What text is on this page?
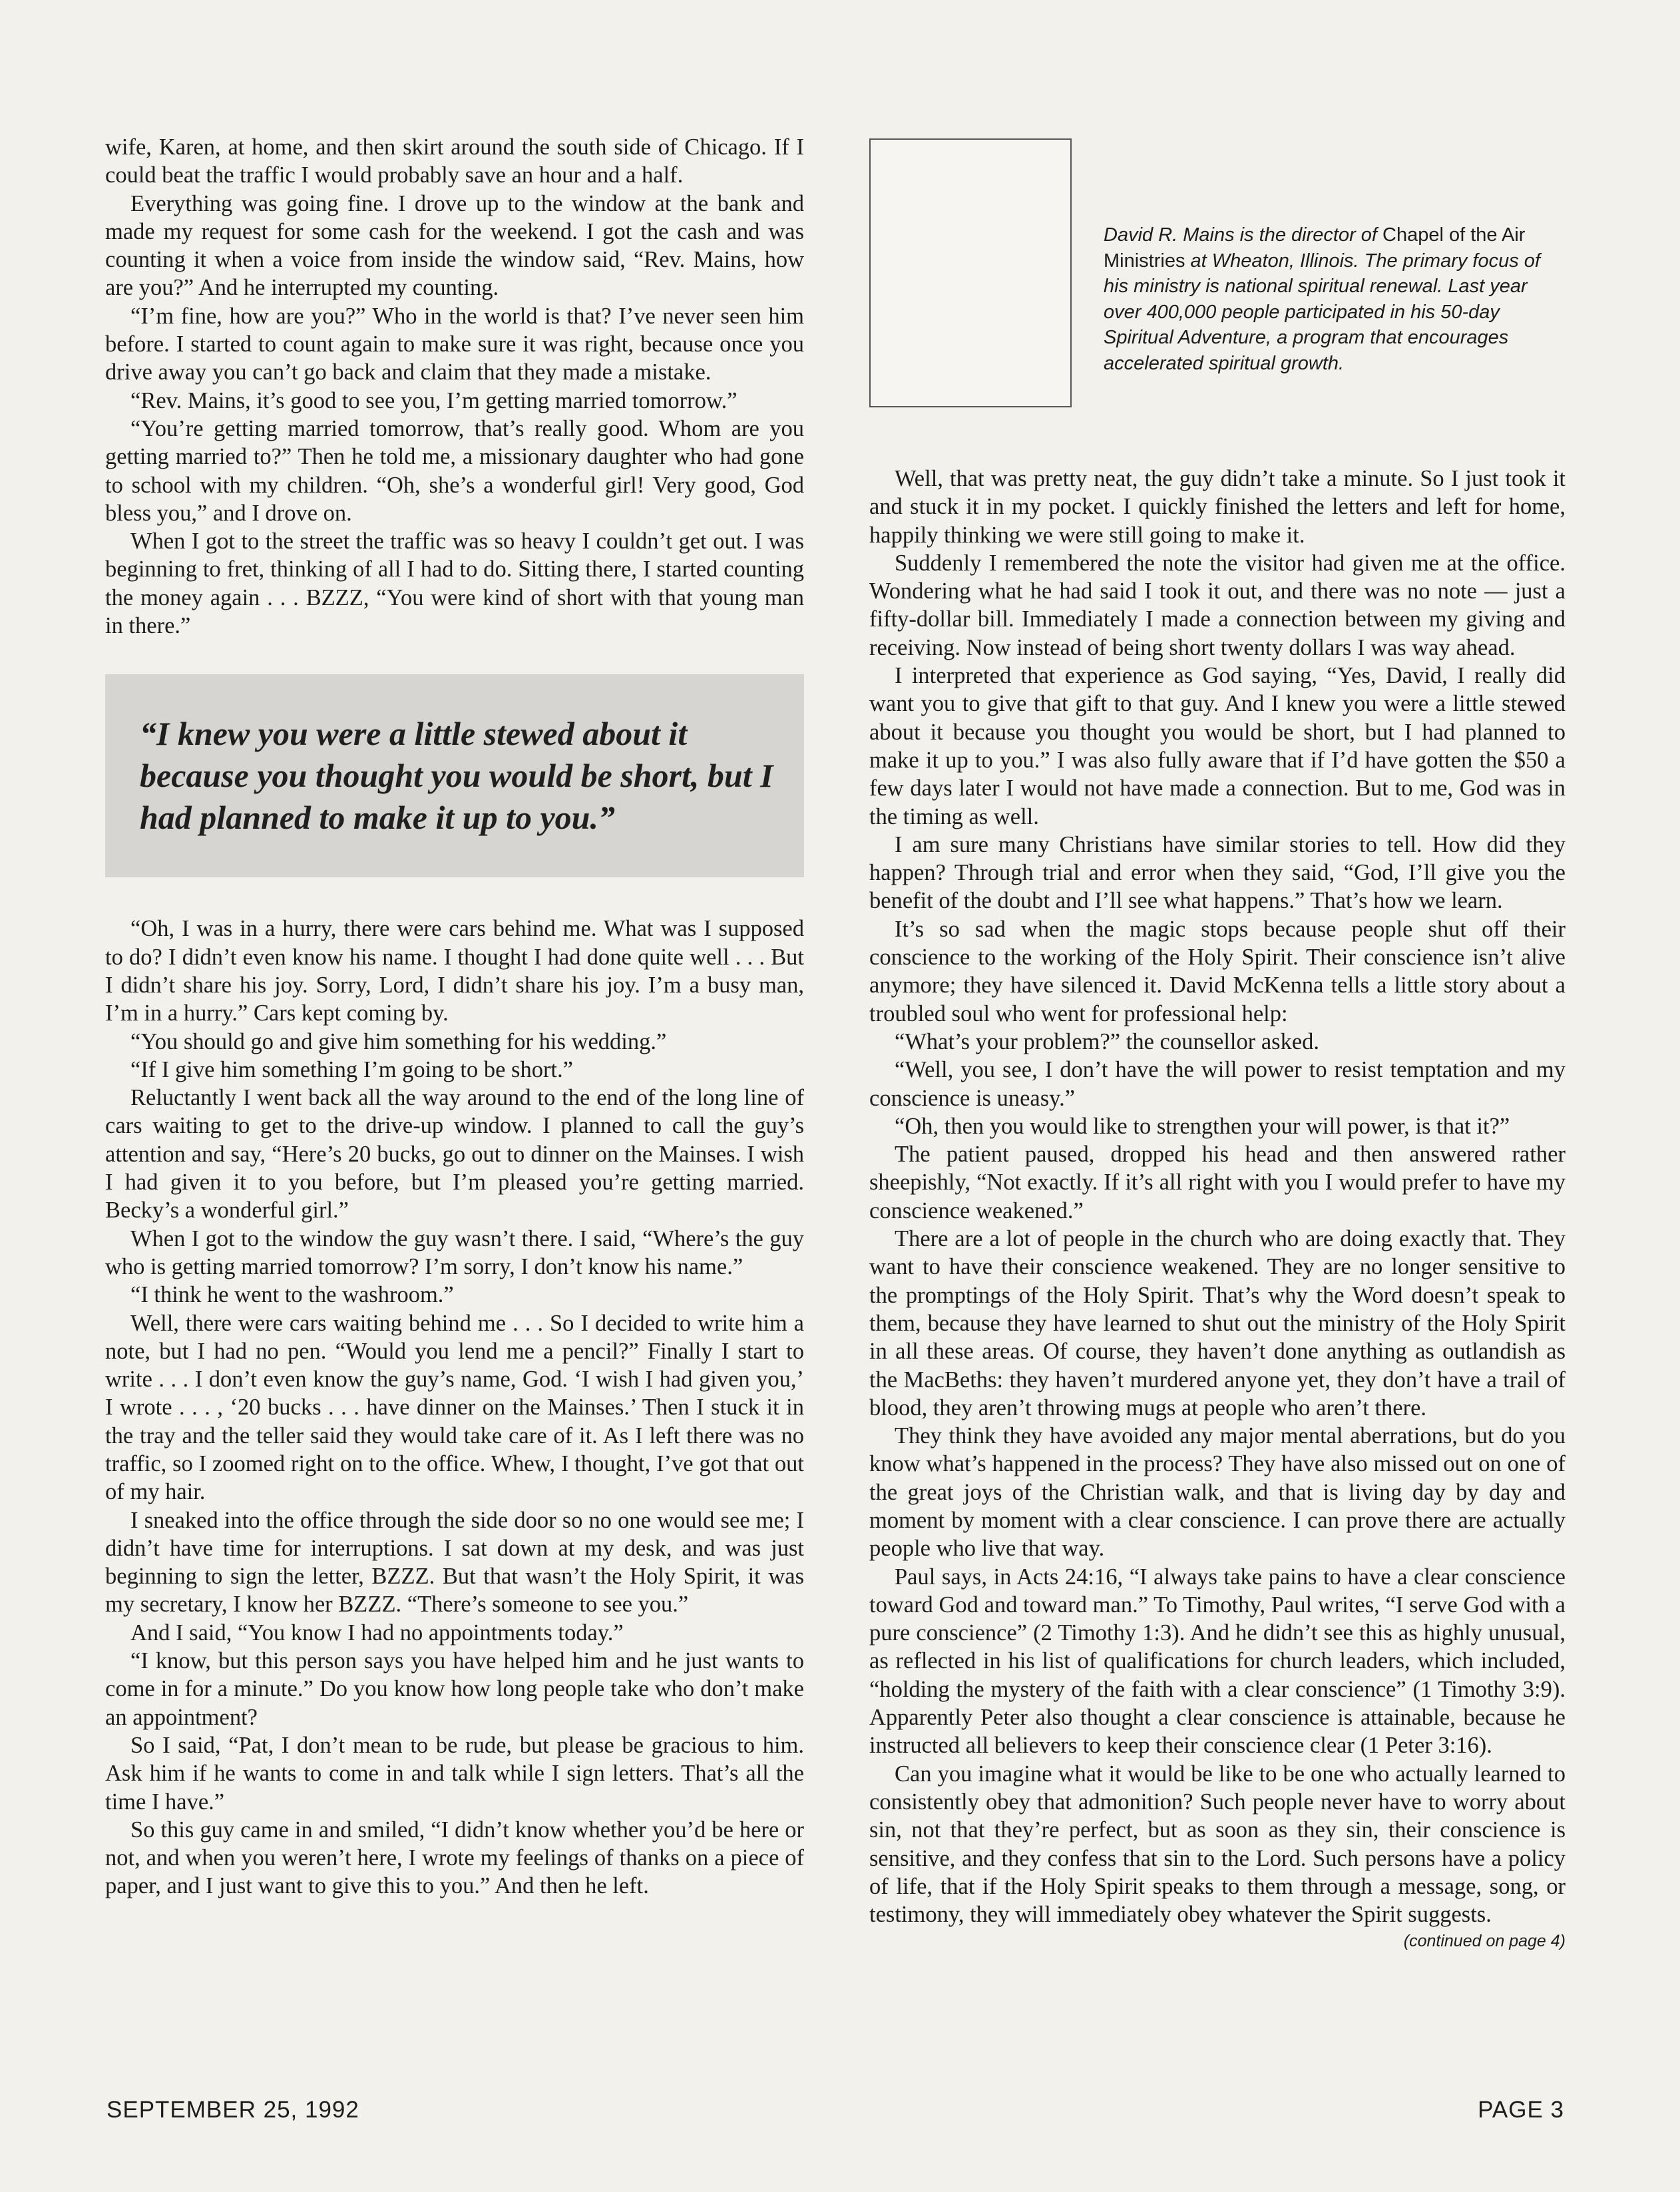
wife, Karen, at home, and then skirt around the south side of Chicago. If I could beat the traffic I would probably save an hour and a half.

Everything was going fine. I drove up to the window at the bank and made my request for some cash for the weekend. I got the cash and was counting it when a voice from inside the window said, “Rev. Mains, how are you?” And he interrupted my counting.

“I’m fine, how are you?” Who in the world is that? I’ve never seen him before. I started to count again to make sure it was right, because once you drive away you can’t go back and claim that they made a mistake.

“Rev. Mains, it’s good to see you, I’m getting married tomorrow.”

“You’re getting married tomorrow, that’s really good. Whom are you getting married to?” Then he told me, a missionary daughter who had gone to school with my children. “Oh, she’s a wonderful girl! Very good, God bless you,” and I drove on.

When I got to the street the traffic was so heavy I couldn’t get out. I was beginning to fret, thinking of all I had to do. Sitting there, I started counting the money again . . . BZZZ, “You were kind of short with that young man in there.”

“I knew you were a little stewed about it because you thought you would be short, but I had planned to make it up to you.”

“Oh, I was in a hurry, there were cars behind me. What was I supposed to do? I didn’t even know his name. I thought I had done quite well . . . But I didn’t share his joy. Sorry, Lord, I didn’t share his joy. I’m a busy man, I’m in a hurry.” Cars kept coming by.

“You should go and give him something for his wedding.”

“If I give him something I’m going to be short.”

Reluctantly I went back all the way around to the end of the long line of cars waiting to get to the drive-up window. I planned to call the guy’s attention and say, “Here’s 20 bucks, go out to dinner on the Mainses. I wish I had given it to you before, but I’m pleased you’re getting married. Becky’s a wonderful girl.”

When I got to the window the guy wasn’t there. I said, “Where’s the guy who is getting married tomorrow? I’m sorry, I don’t know his name.”

“I think he went to the washroom.”

Well, there were cars waiting behind me . . . So I decided to write him a note, but I had no pen. “Would you lend me a pencil?” Finally I start to write . . . I don’t even know the guy’s name, God. ‘I wish I had given you,’ I wrote . . . , ‘20 bucks . . . have dinner on the Mainses.’ Then I stuck it in the tray and the teller said they would take care of it. As I left there was no traffic, so I zoomed right on to the office. Whew, I thought, I’ve got that out of my hair.

I sneaked into the office through the side door so no one would see me; I didn’t have time for interruptions. I sat down at my desk, and was just beginning to sign the letter, BZZZ. But that wasn’t the Holy Spirit, it was my secretary, I know her BZZZ. “There’s someone to see you.”

And I said, “You know I had no appointments today.”

“I know, but this person says you have helped him and he just wants to come in for a minute.” Do you know how long people take who don’t make an appointment?

So I said, “Pat, I don’t mean to be rude, but please be gracious to him. Ask him if he wants to come in and talk while I sign letters. That’s all the time I have.”

So this guy came in and smiled, “I didn’t know whether you’d be here or not, and when you weren’t here, I wrote my feelings of thanks on a piece of paper, and I just want to give this to you.” And then he left.

David R. Mains is the director of Chapel of the Air Ministries at Wheaton, Illinois. The primary focus of his ministry is national spiritual renewal. Last year over 400,000 people participated in his 50-day Spiritual Adventure, a program that encourages accelerated spiritual growth.

Well, that was pretty neat, the guy didn’t take a minute. So I just took it and stuck it in my pocket. I quickly finished the letters and left for home, happily thinking we were still going to make it.

Suddenly I remembered the note the visitor had given me at the office. Wondering what he had said I took it out, and there was no note — just a fifty-dollar bill. Immediately I made a connection between my giving and receiving. Now instead of being short twenty dollars I was way ahead.

I interpreted that experience as God saying, “Yes, David, I really did want you to give that gift to that guy. And I knew you were a little stewed about it because you thought you would be short, but I had planned to make it up to you.” I was also fully aware that if I’d have gotten the $50 a few days later I would not have made a connection. But to me, God was in the timing as well.

I am sure many Christians have similar stories to tell. How did they happen? Through trial and error when they said, “God, I’ll give you the benefit of the doubt and I’ll see what happens.” That’s how we learn.

It’s so sad when the magic stops because people shut off their conscience to the working of the Holy Spirit. Their conscience isn’t alive anymore; they have silenced it. David McKenna tells a little story about a troubled soul who went for professional help:

“What’s your problem?” the counsellor asked.

“Well, you see, I don’t have the will power to resist temptation and my conscience is uneasy.”

“Oh, then you would like to strengthen your will power, is that it?”

The patient paused, dropped his head and then answered rather sheepishly, “Not exactly. If it’s all right with you I would prefer to have my conscience weakened.”

There are a lot of people in the church who are doing exactly that. They want to have their conscience weakened. They are no longer sensitive to the promptings of the Holy Spirit. That’s why the Word doesn’t speak to them, because they have learned to shut out the ministry of the Holy Spirit in all these areas. Of course, they haven’t done anything as outlandish as the MacBeths: they haven’t murdered anyone yet, they don’t have a trail of blood, they aren’t throwing mugs at people who aren’t there.

They think they have avoided any major mental aberrations, but do you know what’s happened in the process? They have also missed out on one of the great joys of the Christian walk, and that is living day by day and moment by moment with a clear conscience. I can prove there are actually people who live that way.

Paul says, in Acts 24:16, “I always take pains to have a clear conscience toward God and toward man.” To Timothy, Paul writes, “I serve God with a pure conscience” (2 Timothy 1:3). And he didn’t see this as highly unusual, as reflected in his list of qualifications for church leaders, which included, “holding the mystery of the faith with a clear conscience” (1 Timothy 3:9). Apparently Peter also thought a clear conscience is attainable, because he instructed all believers to keep their conscience clear (1 Peter 3:16).

Can you imagine what it would be like to be one who actually learned to consistently obey that admonition? Such people never have to worry about sin, not that they’re perfect, but as soon as they sin, their conscience is sensitive, and they confess that sin to the Lord. Such persons have a policy of life, that if the Holy Spirit speaks to them through a message, song, or testimony, they will immediately obey whatever the Spirit suggests.

(continued on page 4)
SEPTEMBER 25, 1992	PAGE 3
